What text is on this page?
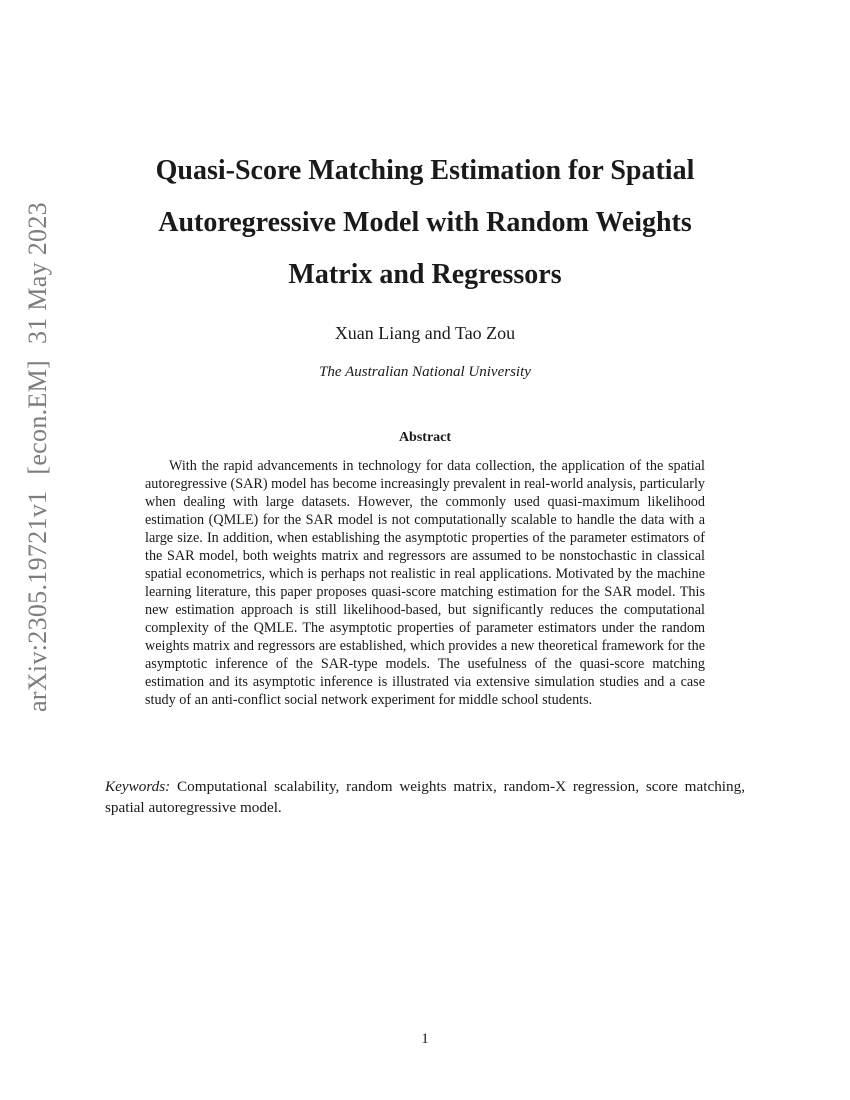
arXiv:2305.19721v1[econ.EM]31 May 2023
Quasi-Score Matching Estimation for Spatial
Autoregressive Model with Random Weights
Matrix and Regressors
Xuan Liang and Tao Zou
The Australian National University
Abstract

With the rapid advancements in technology for data collection, the application of the spatial autoregressive (SAR) model has become increasingly prevalent in real-world analysis, particularly when dealing with large datasets. However, the commonly used quasi-maximum likelihood estimation (QMLE) for the SAR model is not computationally scalable to handle the data with a large size. In addition, when establishing the asymptotic properties of the parameter estimators of the SAR model, both weights matrix and regressors are assumed to be nonstochastic in classical spatial econometrics, which is perhaps not realistic in real applications. Motivated by the machine learning literature, this paper proposes quasi-score matching estimation for the SAR model. This new estimation approach is still likelihood-based, but significantly reduces the computational complexity of the QMLE. The asymptotic properties of parameter estimators under the random weights matrix and regressors are established, which provides a new theoretical framework for the asymptotic inference of the SAR-type models. The usefulness of the quasi-score matching estimation and its asymptotic inference is illustrated via extensive simulation studies and a case study of an anti-conflict social network experiment for middle school students.

Keywords: Computational scalability, random weights matrix, random-X regression, score matching, spatial autoregressive model.

1
